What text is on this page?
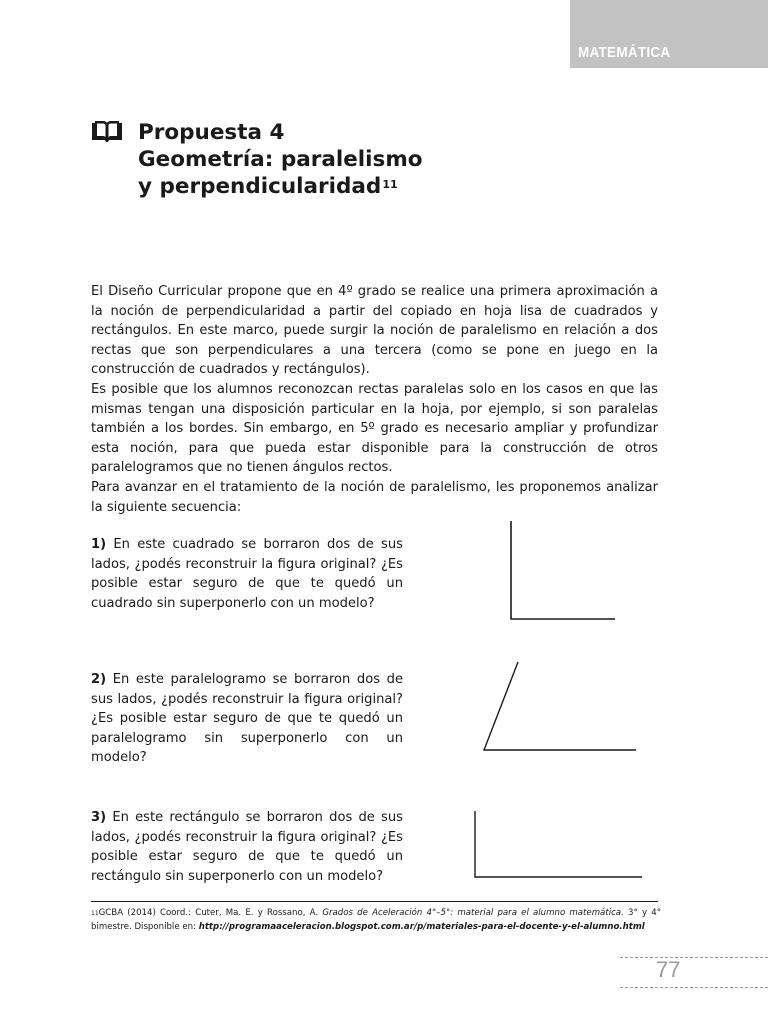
MATEMÁTICA
Propuesta 4
Geometría: paralelismo
y perpendicularidad$^{11}$

El Diseño Curricular propone que en 4º grado se realice una primera aproximación a la noción de perpendicularidad a partir del copiado en hoja lisa de cuadrados y rectángulos. En este marco, puede surgir la noción de paralelismo en relación a dos rectas que son perpendiculares a una tercera (como se pone en juego en la construcción de cuadrados y rectángulos).

Es posible que los alumnos reconozcan rectas paralelas solo en los casos en que las mismas tengan una disposición particular en la hoja, por ejemplo, si son paralelas también a los bordes. Sin embargo, en 5º grado es necesario ampliar y profundizar esta noción, para que pueda estar disponible para la construcción de otros paralelogramos que no tienen ángulos rectos.

Para avanzar en el tratamiento de la noción de paralelismo, les proponemos analizar la siguiente secuencia:

1) En este cuadrado se borraron dos de sus lados, ¿podés reconstruir la figura original? ¿Es posible estar seguro de que te quedó un cuadrado sin superponerlo con un modelo?

2) En este paralelogramo se borraron dos de sus lados, ¿podés reconstruir la figura original? ¿Es posible estar seguro de que te quedó un paralelogramo sin superponerlo con un modelo?

3) En este rectángulo se borraron dos de sus lados, ¿podés reconstruir la figura original? ¿Es posible estar seguro de que te quedó un rectángulo sin superponerlo con un modelo?

$^{11}$GCBA (2014) Coord.: Cuter, Ma. E. y Rossano, A. Grados de Aceleración 4°–5°: material para el alumno matemática. 3° y 4° bimestre. Disponible en: http://programaaceleracion.blogspot.com.ar/p/materiales-para-el-docente-y-el-alumno.html

77
